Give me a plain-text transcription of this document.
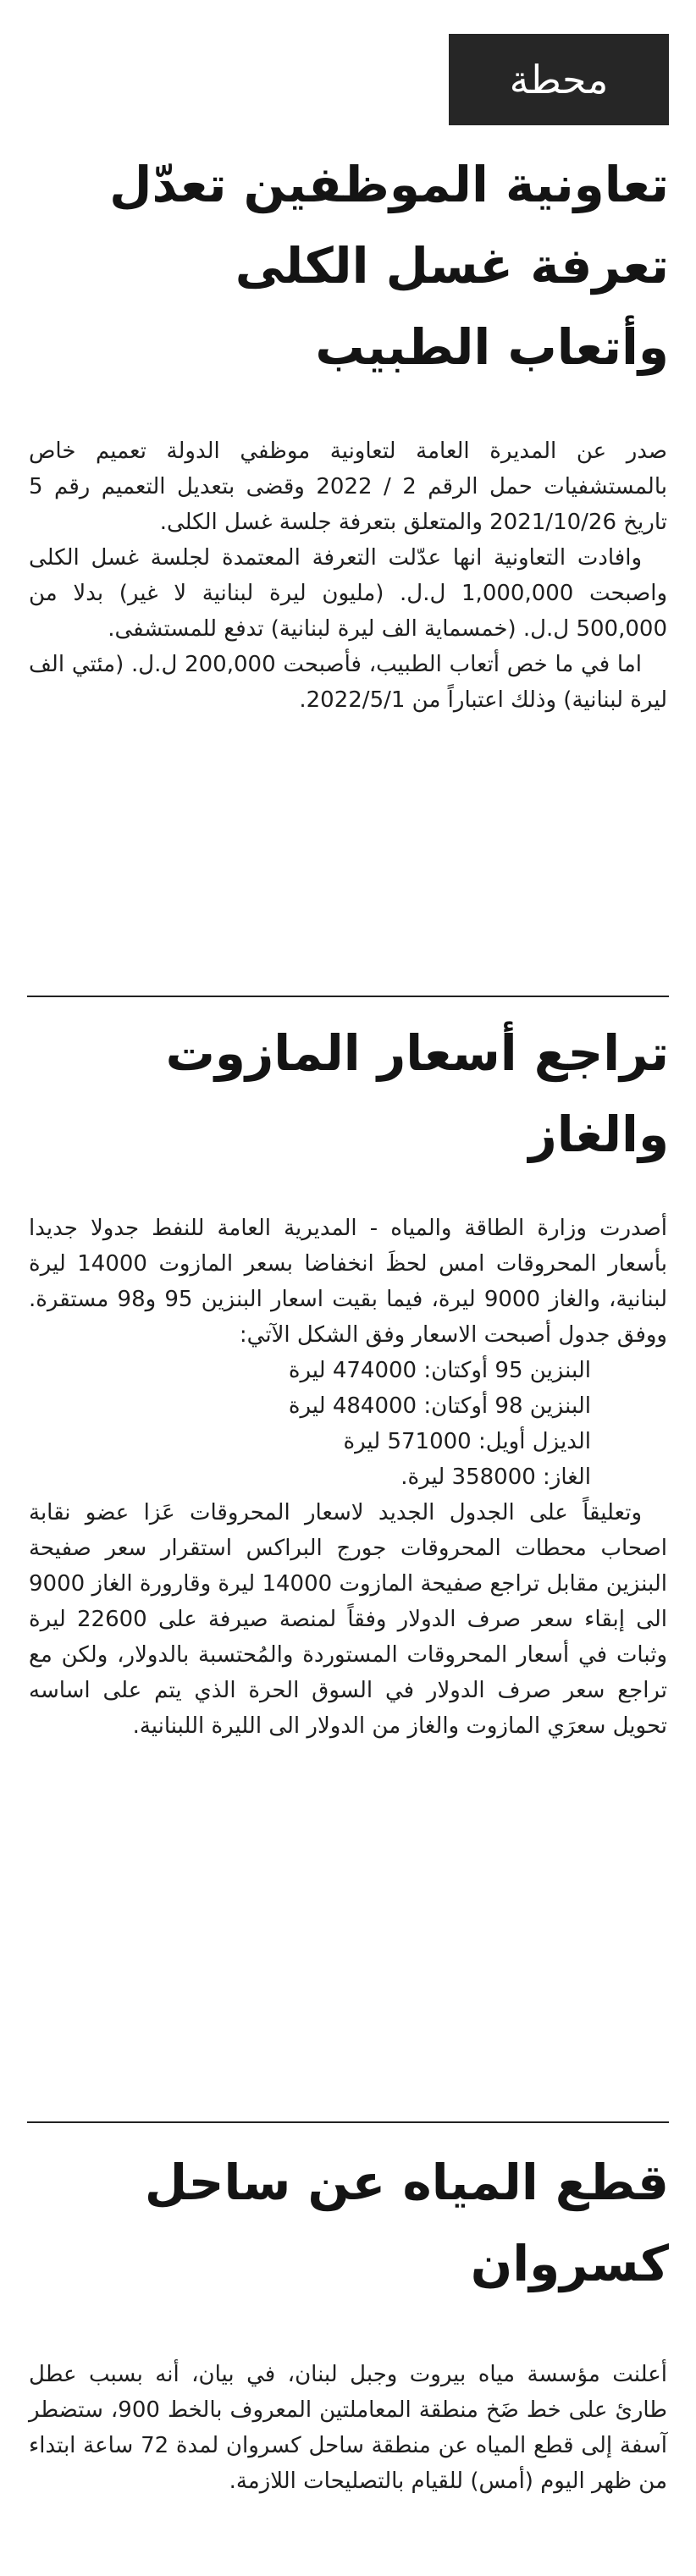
محطة
تعاونية الموظفين تعدّل
تعرفة غسل الكلى
وأتعاب الطبيب

صدر عن المديرة العامة لتعاونية موظفي الدولة تعميم خاص بالمستشفيات حمل الرقم 2 / 2022 وقضى بتعديل التعميم رقم 5 تاريخ 2021/10/26 والمتعلق بتعرفة جلسة غسل الكلى.

وافادت التعاونية انها عدّلت التعرفة المعتمدة لجلسة غسل الكلى واصبحت 1,000,000 ل.ل. (مليون ليرة لبنانية لا غير) بدلا من 500,000 ل.ل. (خمسماية الف ليرة لبنانية) تدفع للمستشفى.

اما في ما خص أتعاب الطبيب، فأصبحت 200,000 ل.ل. (مئتي الف ليرة لبنانية) وذلك اعتباراً من 2022/5/1.

تراجع أسعار المازوت
والغاز

أصدرت وزارة الطاقة والمياه - المديرية العامة للنفط جدولا جديدا بأسعار المحروقات امس لحظَ انخفاضا بسعر المازوت 14000 ليرة لبنانية، والغاز 9000 ليرة، فيما بقيت اسعار البنزين 95 و98 مستقرة. ووفق جدول أصبحت الاسعار وفق الشكل الآتي:

البنزين 95 أوكتان: 474000 ليرة
البنزين 98 أوكتان: 484000 ليرة
الديزل أويل: 571000 ليرة
الغاز: 358000 ليرة.

وتعليقاً على الجدول الجديد لاسعار المحروقات عَزا عضو نقابة اصحاب محطات المحروقات جورج البراكس استقرار سعر صفيحة البنزين مقابل تراجع صفيحة المازوت 14000 ليرة وقارورة الغاز 9000 الى إبقاء سعر صرف الدولار وفقاً لمنصة صيرفة على 22600 ليرة وثبات في أسعار المحروقات المستوردة والمُحتسبة بالدولار، ولكن مع تراجع سعر صرف الدولار في السوق الحرة الذي يتم على اساسه تحويل سعرَي المازوت والغاز من الدولار الى الليرة اللبنانية.

قطع المياه عن ساحل
كسروان

أعلنت مؤسسة مياه بيروت وجبل لبنان، في بيان، أنه بسبب عطل طارئ على خط ضَخ منطقة المعاملتين المعروف بالخط 900، ستضطر آسفة إلى قطع المياه عن منطقة ساحل كسروان لمدة 72 ساعة ابتداء من ظهر اليوم (أمس) للقيام بالتصليحات اللازمة.
